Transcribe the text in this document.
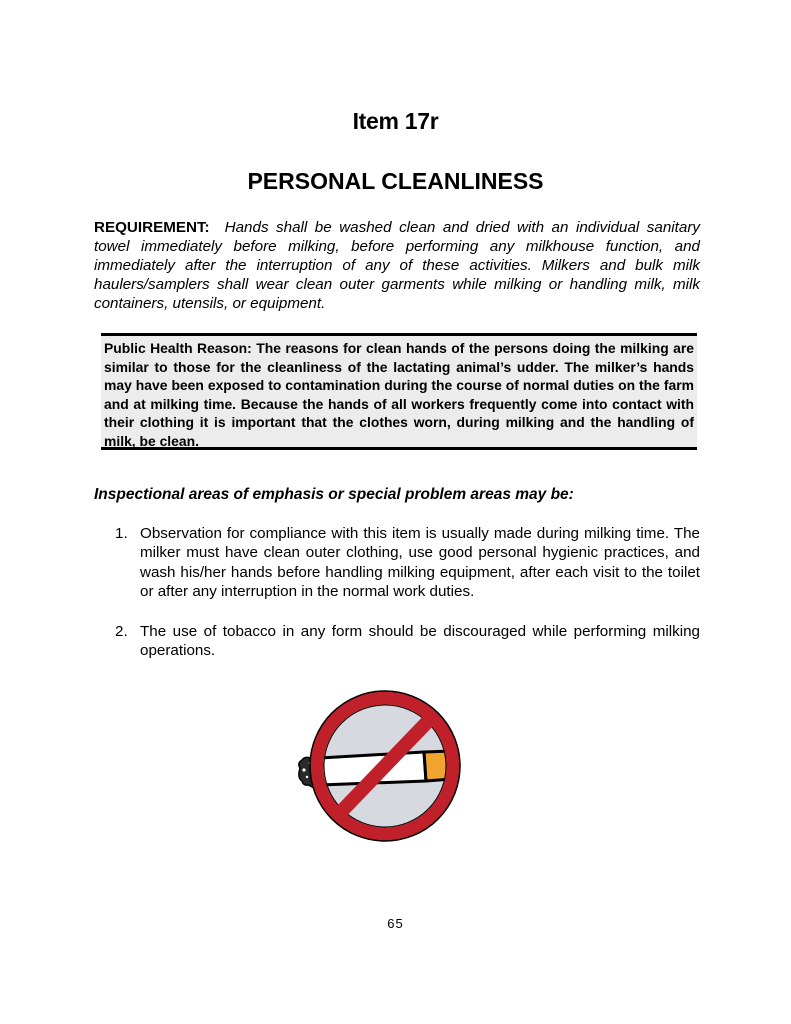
Item 17r
PERSONAL CLEANLINESS

REQUIREMENT: Hands shall be washed clean and dried with an individual sanitary towel immediately before milking, before performing any milkhouse function, and immediately after the interruption of any of these activities. Milkers and bulk milk haulers/samplers shall wear clean outer garments while milking or handling milk, milk containers, utensils, or equipment.

Public Health Reason: The reasons for clean hands of the persons doing the milking are similar to those for the cleanliness of the lactating animal’s udder. The milker’s hands may have been exposed to contamination during the course of normal duties on the farm and at milking time. Because the hands of all workers frequently come into contact with their clothing it is important that the clothes worn, during milking and the handling of milk, be clean.

Inspectional areas of emphasis or special problem areas may be:

1. Observation for compliance with this item is usually made during milking time. The milker must have clean outer clothing, use good personal hygienic practices, and wash his/her hands before handling milking equipment, after each visit to the toilet or after any interruption in the normal work duties.
2. The use of tobacco in any form should be discouraged while performing milking operations.

65
